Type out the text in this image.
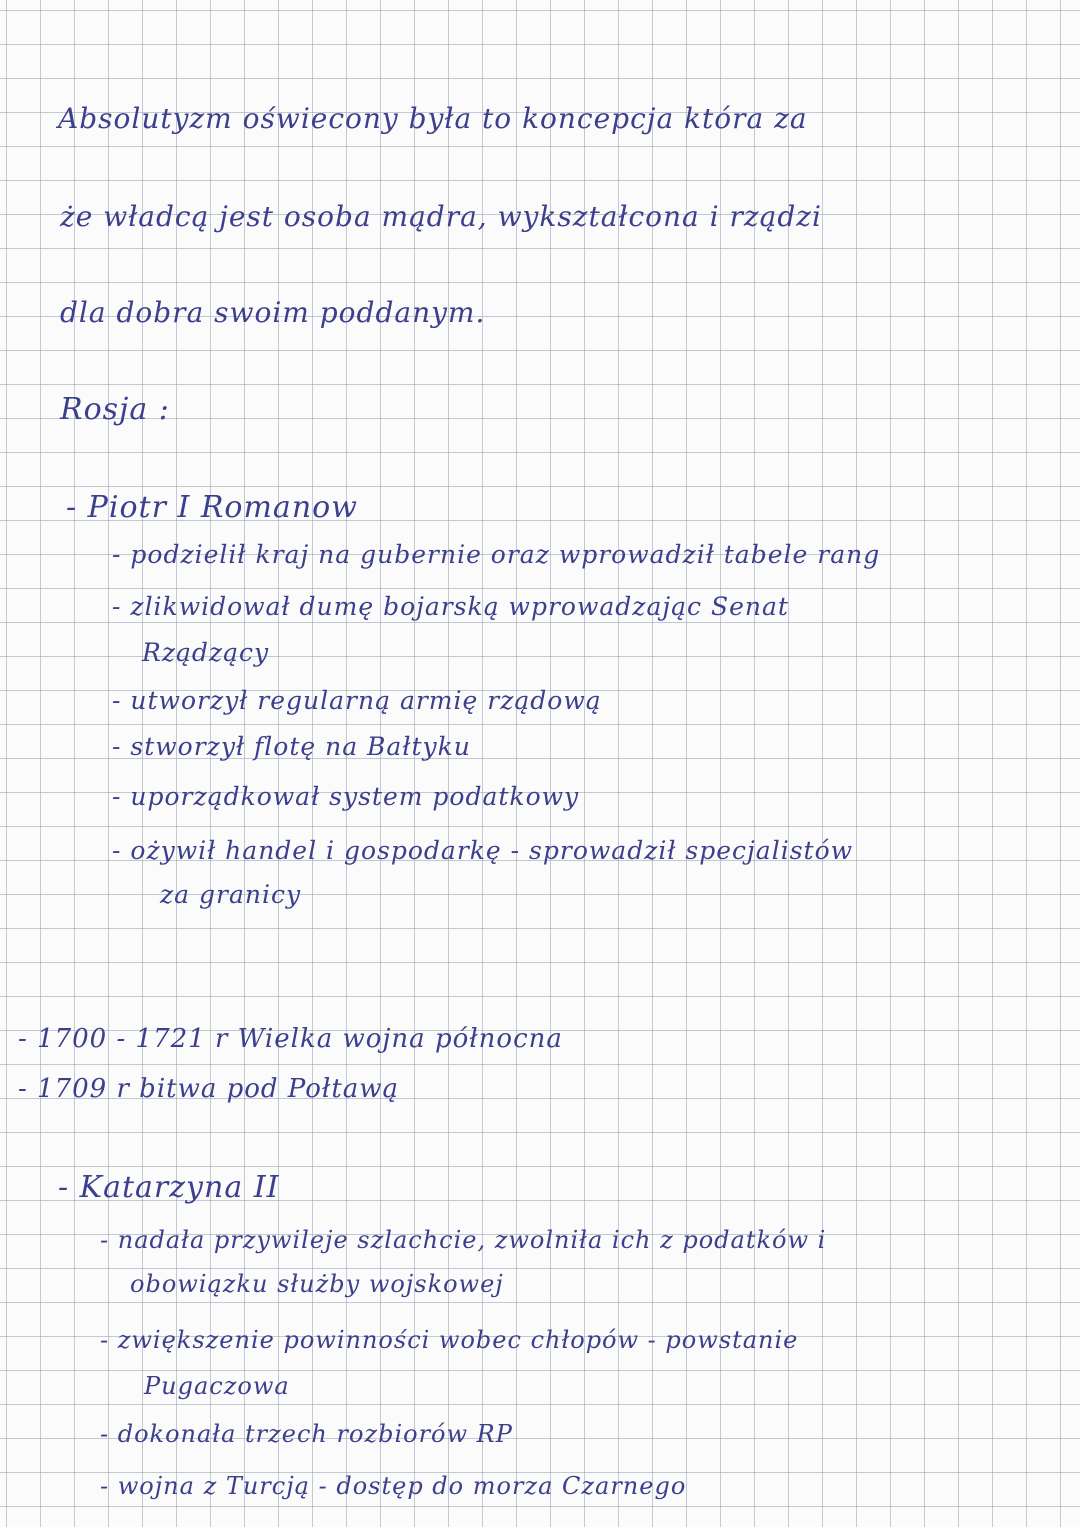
Absolutyzm oświecony była to koncepcja która za
że władcą jest osoba mądra, wykształcona i rządzi
dla dobra swoim poddanym.
Rosja :
- Piotr I Romanow
- podzielił kraj na gubernie oraz wprowadził tabele rang
- zlikwidował dumę bojarską wprowadzając Senat
Rządzący
- utworzył regularną armię rządową
- stworzył flotę na Bałtyku
- uporządkował system podatkowy
- ożywił handel i gospodarkę - sprowadził specjalistów
za granicy
- 1700 - 1721 r Wielka wojna północna
- 1709 r bitwa pod Połtawą
- Katarzyna II
- nadała przywileje szlachcie, zwolniła ich z podatków i
obowiązku służby wojskowej
- zwiększenie powinności wobec chłopów - powstanie
Pugaczowa
- dokonała trzech rozbiorów RP
- wojna z Turcją - dostęp do morza Czarnego
